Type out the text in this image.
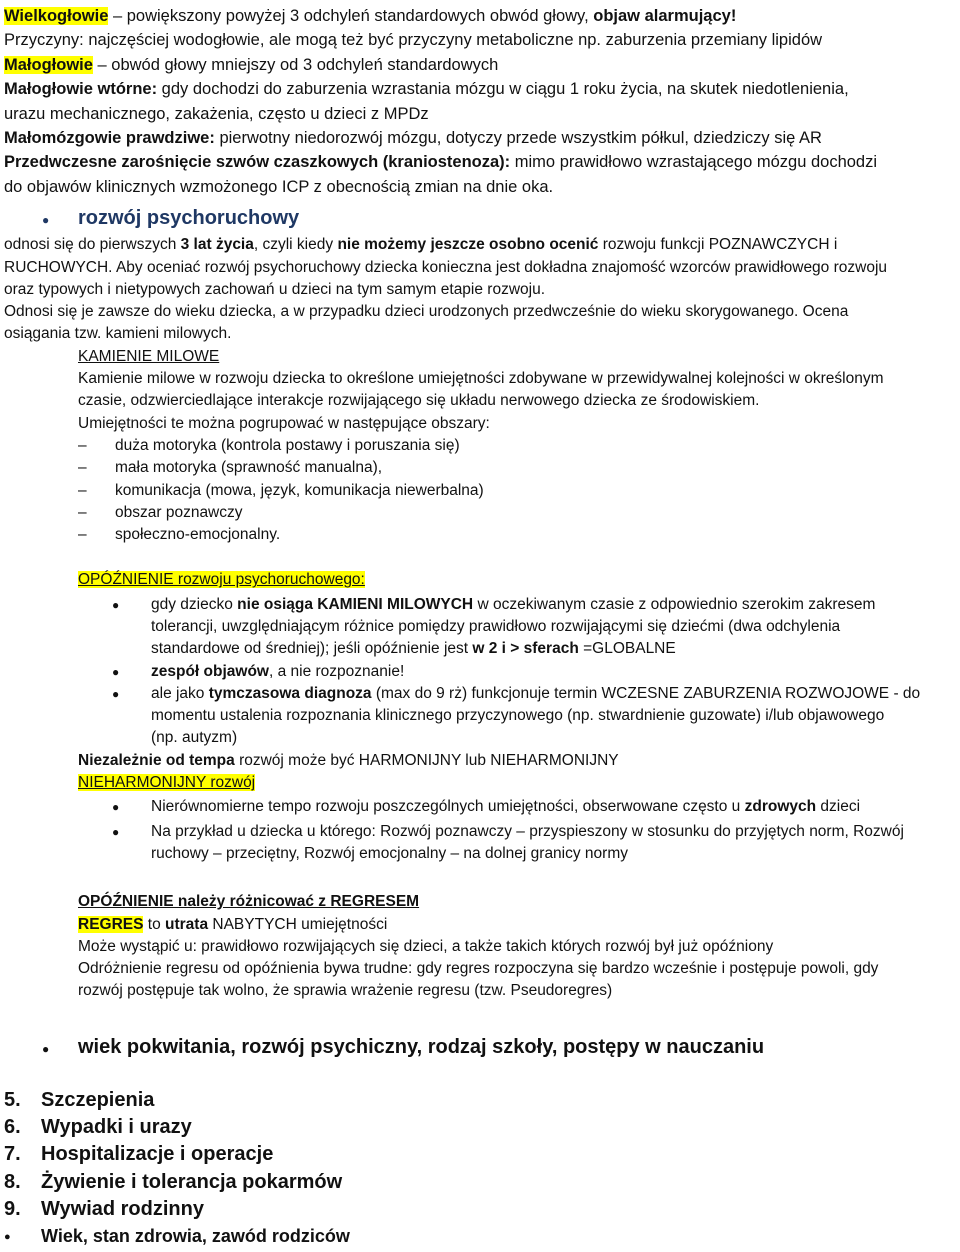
Wielkogłowie – powiększony powyżej 3 odchyleń standardowych obwód głowy, objaw alarmujący!
Przyczyny: najczęściej wodogłowie, ale mogą też być przyczyny metaboliczne np. zaburzenia przemiany lipidów
Małogłowie – obwód głowy mniejszy od 3 odchyleń standardowych
Małogłowie wtórne: gdy dochodzi do zaburzenia wzrastania mózgu w ciągu 1 roku życia, na skutek niedotlenienia,
urazu mechanicznego, zakażenia, często u dzieci z MPDz
Małomózgowie prawdziwe: pierwotny niedorozwój mózgu, dotyczy przede wszystkim półkul, dziedziczy się AR
Przedwczesne zarośnięcie szwów czaszkowych (kraniostenoza): mimo prawidłowo wzrastającego mózgu dochodzi
do objawów klinicznych wzmożonego ICP z obecnością zmian na dnie oka.
● rozwój psychoruchowy
odnosi się do pierwszych 3 lat życia, czyli kiedy nie możemy jeszcze osobno ocenić rozwoju funkcji POZNAWCZYCH i
RUCHOWYCH. Aby oceniać rozwój psychoruchowy dziecka konieczna jest dokładna znajomość wzorców prawidłowego rozwoju
oraz typowych i nietypowych zachowań u dzieci na tym samym etapie rozwoju.
Odnosi się je zawsze do wieku dziecka, a w przypadku dzieci urodzonych przedwcześnie do wieku skorygowanego. Ocena
osiągania tzw. kamieni milowych.
KAMIENIE MILOWE
Kamienie milowe w rozwoju dziecka to określone umiejętności zdobywane w przewidywalnej kolejności w określonym
czasie, odzwierciedlające interakcje rozwijającego się układu nerwowego dziecka ze środowiskiem.
Umiejętności te można pogrupować w następujące obszary:
– duża motoryka (kontrola postawy i poruszania się)
– mała motoryka (sprawność manualna),
– komunikacja (mowa, język, komunikacja niewerbalna)
– obszar poznawczy
– społeczno-emocjonalny.
OPÓŹNIENIE rozwoju psychoruchowego:
● gdy dziecko nie osiąga KAMIENI MILOWYCH w oczekiwanym czasie z odpowiednio szerokim zakresem
tolerancji, uwzględniającym różnice pomiędzy prawidłowo rozwijającymi się dziećmi (dwa odchylenia
standardowe od średniej); jeśli opóźnienie jest w 2 i > sferach =GLOBALNE
● zespół objawów, a nie rozpoznanie!
● ale jako tymczasowa diagnoza (max do 9 rż) funkcjonuje termin WCZESNE ZABURZENIA ROZWOJOWE - do
momentu ustalenia rozpoznania klinicznego przyczynowego (np. stwardnienie guzowate) i/lub objawowego
(np. autyzm)
Niezależnie od tempa rozwój może być HARMONIJNY lub NIEHARMONIJNY
NIEHARMONIJNY rozwój
● Nierównomierne tempo rozwoju poszczególnych umiejętności, obserwowane często u zdrowych dzieci
● Na przykład u dziecka u którego: Rozwój poznawczy – przyspieszony w stosunku do przyjętych norm, Rozwój
ruchowy – przeciętny, Rozwój emocjonalny – na dolnej granicy normy
OPÓŹNIENIE należy różnicować z REGRESEM
REGRES to utrata NABYTYCH umiejętności
Może wystąpić u: prawidłowo rozwijających się dzieci, a także takich których rozwój był już opóźniony
Odróżnienie regresu od opóźnienia bywa trudne: gdy regres rozpoczyna się bardzo wcześnie i postępuje powoli, gdy
rozwój postępuje tak wolno, że sprawia wrażenie regresu (tzw. Pseudoregres)
● wiek pokwitania, rozwój psychiczny, rodzaj szkoły, postępy w nauczaniu
5. Szczepienia
6. Wypadki i urazy
7. Hospitalizacje i operacje
8. Żywienie i tolerancja pokarmów
9. Wywiad rodzinny
● Wiek, stan zdrowia, zawód rodziców
